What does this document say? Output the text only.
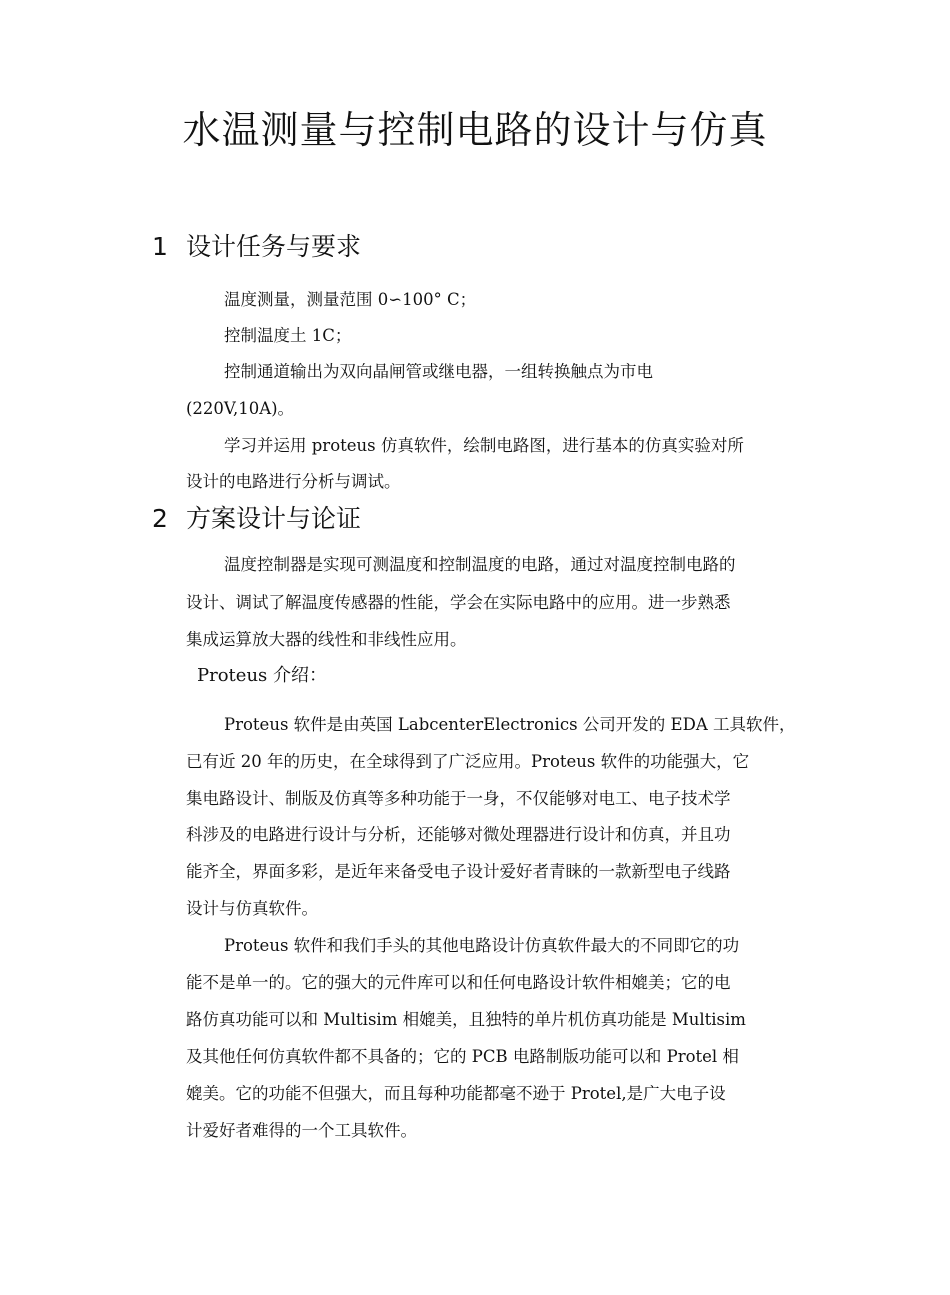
水温测量与控制电路的设计与仿真
1 设计任务与要求
温度测量，测量范围 0∽100° C；
控制温度土 1C；
控制通道输出为双向晶闸管或继电器，一组转换触点为市电
(220V,10A)。
学习并运用 proteus 仿真软件，绘制电路图，进行基本的仿真实验对所
设计的电路进行分析与调试。
2 方案设计与论证
温度控制器是实现可测温度和控制温度的电路，通过对温度控制电路的
设计、调试了解温度传感器的性能，学会在实际电路中的应用。进一步熟悉
集成运算放大器的线性和非线性应用。
Proteus 介绍：
Proteus 软件是由英国 LabcenterElectronics 公司开发的 EDA 工具软件，
已有近 20 年的历史，在全球得到了广泛应用。Proteus 软件的功能强大，它
集电路设计、制版及仿真等多种功能于一身，不仅能够对电工、电子技术学
科涉及的电路进行设计与分析，还能够对微处理器进行设计和仿真，并且功
能齐全，界面多彩，是近年来备受电子设计爱好者青睐的一款新型电子线路
设计与仿真软件。
Proteus 软件和我们手头的其他电路设计仿真软件最大的不同即它的功
能不是单一的。它的强大的元件库可以和任何电路设计软件相媲美；它的电
路仿真功能可以和 Multisim 相媲美，且独特的单片机仿真功能是 Multisim
及其他任何仿真软件都不具备的；它的 PCB 电路制版功能可以和 Protel 相
媲美。它的功能不但强大，而且每种功能都毫不逊于 Protel,是广大电子设
计爱好者难得的一个工具软件。
